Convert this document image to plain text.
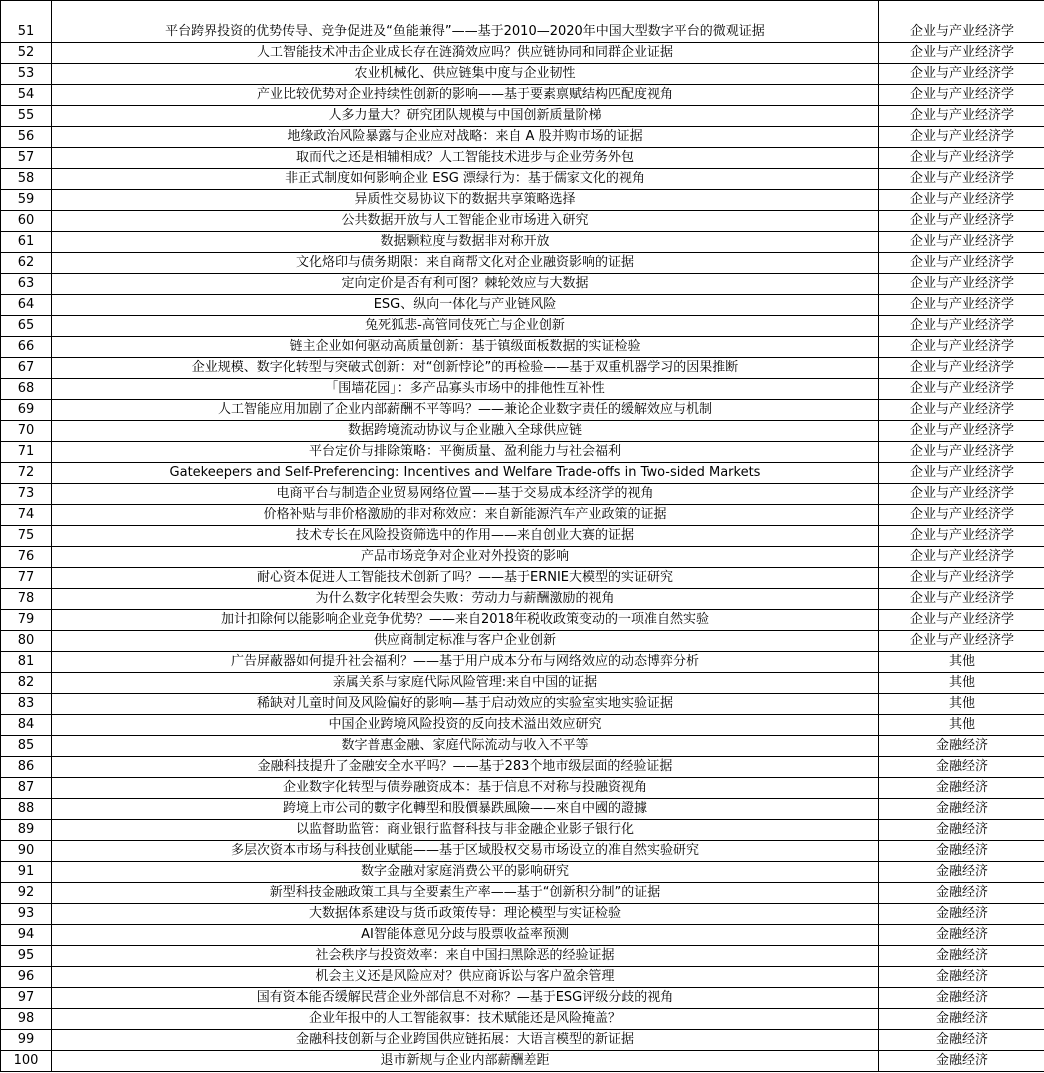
51	平台跨界投资的优势传导、竞争促进及“鱼能兼得”——基于2010—2020年中国大型数字平台的微观证据	企业与产业经济学
52	人工智能技术冲击企业成长存在涟漪效应吗？供应链协同和同群企业证据	企业与产业经济学
53	农业机械化、供应链集中度与企业韧性	企业与产业经济学
54	产业比较优势对企业持续性创新的影响——基于要素禀赋结构匹配度视角	企业与产业经济学
55	人多力量大？研究团队规模与中国创新质量阶梯	企业与产业经济学
56	地缘政治风险暴露与企业应对战略：来自 A 股并购市场的证据	企业与产业经济学
57	取而代之还是相辅相成？人工智能技术进步与企业劳务外包	企业与产业经济学
58	非正式制度如何影响企业 ESG 漂绿行为：基于儒家文化的视角	企业与产业经济学
59	异质性交易协议下的数据共享策略选择	企业与产业经济学
60	公共数据开放与人工智能企业市场进入研究	企业与产业经济学
61	数据颗粒度与数据非对称开放	企业与产业经济学
62	文化烙印与债务期限：来自商帮文化对企业融资影响的证据	企业与产业经济学
63	定向定价是否有利可图？棘轮效应与大数据	企业与产业经济学
64	ESG、纵向一体化与产业链风险	企业与产业经济学
65	兔死狐悲-高管同伎死亡与企业创新	企业与产业经济学
66	链主企业如何驱动高质量创新：基于镇级面板数据的实证检验	企业与产业经济学
67	企业规模、数字化转型与突破式创新：对“创新悖论”的再检验——基于双重机器学习的因果推断	企业与产业经济学
68	「围墙花园」：多产品寡头市场中的排他性互补性	企业与产业经济学
69	人工智能应用加剧了企业内部薪酬不平等吗？——兼论企业数字责任的缓解效应与机制	企业与产业经济学
70	数据跨境流动协议与企业融入全球供应链	企业与产业经济学
71	平台定价与排除策略：平衡质量、盈利能力与社会福利	企业与产业经济学
72	Gatekeepers and Self-Preferencing: Incentives and Welfare Trade-offs in Two-sided Markets	企业与产业经济学
73	电商平台与制造企业贸易网络位置——基于交易成本经济学的视角	企业与产业经济学
74	价格补贴与非价格激励的非对称效应：来自新能源汽车产业政策的证据	企业与产业经济学
75	技术专长在风险投资筛选中的作用——来自创业大赛的证据	企业与产业经济学
76	产品市场竞争对企业对外投资的影响	企业与产业经济学
77	耐心资本促进人工智能技术创新了吗？——基于ERNIE大模型的实证研究	企业与产业经济学
78	为什么数字化转型会失败：劳动力与薪酬激励的视角	企业与产业经济学
79	加计扣除何以能影响企业竞争优势？——来自2018年税收政策变动的一项准自然实验	企业与产业经济学
80	供应商制定标准与客户企业创新	企业与产业经济学
81	广告屏蔽器如何提升社会福利？——基于用户成本分布与网络效应的动态博弈分析	其他
82	亲属关系与家庭代际风险管理:来自中国的证据	其他
83	稀缺对儿童时间及风险偏好的影响—基于启动效应的实验室实地实验证据	其他
84	中国企业跨境风险投资的反向技术溢出效应研究	其他
85	数字普惠金融、家庭代际流动与收入不平等	金融经济
86	金融科技提升了金融安全水平吗？——基于283个地市级层面的经验证据	金融经济
87	企业数字化转型与债券融资成本：基于信息不对称与投融资视角	金融经济
88	跨境上市公司的數字化轉型和股價暴跌風險——來自中國的證據	金融经济
89	以监督助监管：商业银行监督科技与非金融企业影子银行化	金融经济
90	多层次资本市场与科技创业赋能——基于区域股权交易市场设立的准自然实验研究	金融经济
91	数字金融对家庭消费公平的影响研究	金融经济
92	新型科技金融政策工具与全要素生产率——基于“创新积分制”的证据	金融经济
93	大数据体系建设与货币政策传导：理论模型与实证检验	金融经济
94	AI智能体意见分歧与股票收益率预测	金融经济
95	社会秩序与投资效率：来自中国扫黑除恶的经验证据	金融经济
96	机会主义还是风险应对？供应商诉讼与客户盈余管理	金融经济
97	国有资本能否缓解民营企业外部信息不对称？—基于ESG评级分歧的视角	金融经济
98	企业年报中的人工智能叙事：技术赋能还是风险掩盖？	金融经济
99	金融科技创新与企业跨国供应链拓展：大语言模型的新证据	金融经济
100	退市新规与企业内部薪酬差距	金融经济
